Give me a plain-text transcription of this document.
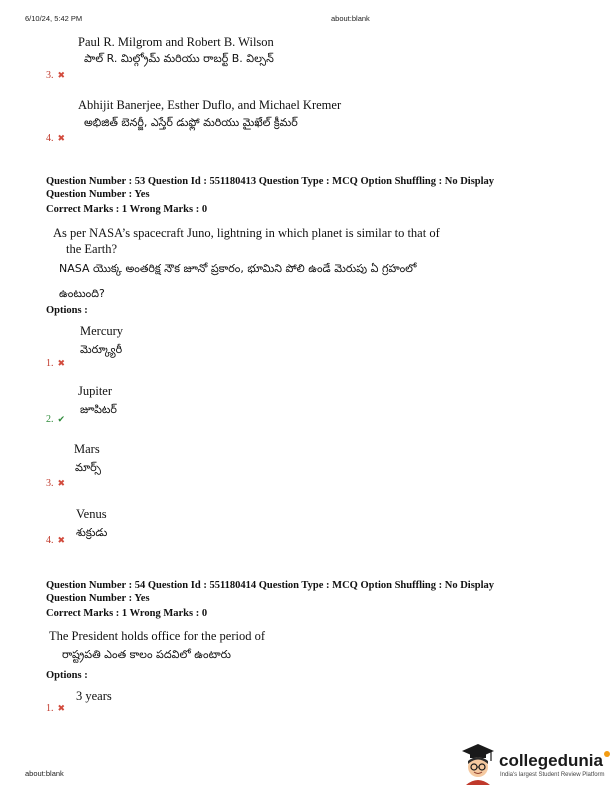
6/10/24, 5:42 PM	about:blank
Paul R. Milgrom and Robert B. Wilson
పాల్ R. మిల్గ్రోమ్ మరియు రాబర్ట్ B. విల్సన్
3. ✖
Abhijit Banerjee, Esther Duflo, and Michael Kremer
అభిజిత్ బెనర్జీ, ఎస్తేర్ డుఫ్లో మరియు మైఖేల్ క్రీమర్
4. ✖
Question Number : 53 Question Id : 551180413 Question Type : MCQ Option Shuffling : No Display
Question Number : Yes
Correct Marks : 1 Wrong Marks : 0
As per NASA’s spacecraft Juno, lightning in which planet is similar to that of
the Earth?
NASA యొక్క అంతరిక్ష నౌక జూనో ప్రకారం, భూమిని పోలి ఉండే మెరుపు ఏ గ్రహంలో
ఉంటుంది?
Options :
Mercury
మెర్క్యూరీ
1. ✖
Jupiter
జూపిటర్
2. ✔
Mars
మార్స్
3. ✖
Venus
శుక్రుడు
4. ✖
Question Number : 54 Question Id : 551180414 Question Type : MCQ Option Shuffling : No Display
Question Number : Yes
Correct Marks : 1 Wrong Marks : 0
The President holds office for the period of
రాష్ట్రపతి ఎంత కాలం పదవిలో ఉంటారు
Options :
3 years
1. ✖
about:blank
collegedunia
India's largest Student Review Platform
